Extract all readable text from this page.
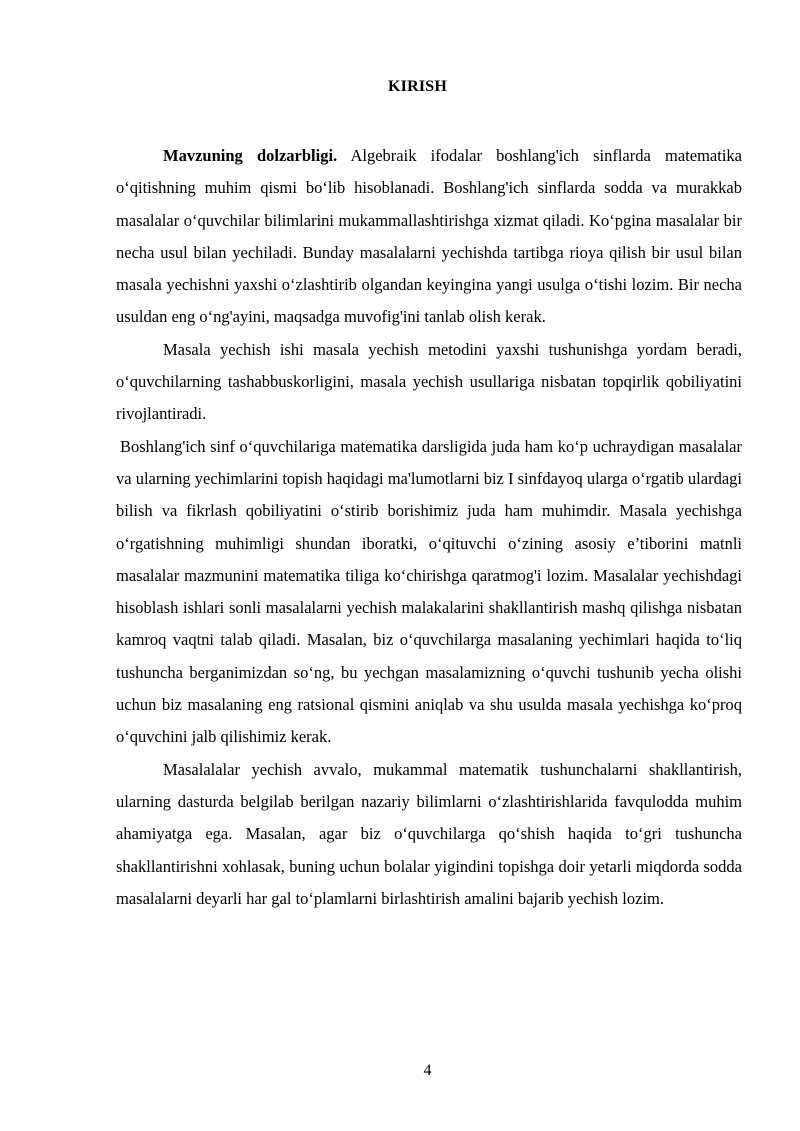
KIRISH

Mavzuning dolzarbligi. Algebraik ifodalar boshlang'ich sinflarda matematika o‘qitishning muhim qismi bo‘lib hisoblanadi. Boshlang'ich sinflarda sodda va murakkab masalalar o‘quvchilar bilimlarini mukammallashtirishga xizmat qiladi. Ko‘pgina masalalar bir necha usul bilan yechiladi. Bunday masalalarni yechishda tartibga rioya qilish bir usul bilan masala yechishni yaxshi o‘zlashtirib olgandan keyingina yangi usulga o‘tishi lozim. Bir necha usuldan eng o‘ng'ayini, maqsadga muvofig'ini tanlab olish kerak.

Masala yechish ishi masala yechish metodini yaxshi tushunishga yordam beradi, o‘quvchilarning tashabbuskorligini, masala yechish usullariga nisbatan topqirlik qobiliyatini rivojlantiradi.

Boshlang'ich sinf o‘quvchilariga matematika darsligida juda ham ko‘p uchraydigan masalalar va ularning yechimlarini topish haqidagi ma'lumotlarni biz I sinfdayoq ularga o‘rgatib ulardagi bilish va fikrlash qobiliyatini o‘stirib borishimiz juda ham muhimdir. Masala yechishga o‘rgatishning muhimligi shundan iboratki, o‘qituvchi o‘zining asosiy e’tiborini matnli masalalar mazmunini matematika tiliga ko‘chirishga qaratmog'i lozim. Masalalar yechishdagi hisoblash ishlari sonli masalalarni yechish malakalarini shakllantirish mashq qilishga nisbatan kamroq vaqtni talab qiladi. Masalan, biz o‘quvchilarga masalaning yechimlari haqida to‘liq tushuncha berganimizdan so‘ng, bu yechgan masalamizning o‘quvchi tushunib yecha olishi uchun biz masalaning eng ratsional qismini aniqlab va shu usulda masala yechishga ko‘proq o‘quvchini jalb qilishimiz kerak.

Masalalalar yechish avvalo, mukammal matematik tushunchalarni shakllantirish, ularning dasturda belgilab berilgan nazariy bilimlarni o‘zlashtirishlarida favqulodda muhim ahamiyatga ega. Masalan, agar biz o‘quvchilarga qo‘shish haqida to‘gri tushuncha shakllantirishni xohlasak, buning uchun bolalar yigindini topishga doir yetarli miqdorda sodda masalalarni deyarli har gal to‘plamlarni birlashtirish amalini bajarib yechish lozim.

4
